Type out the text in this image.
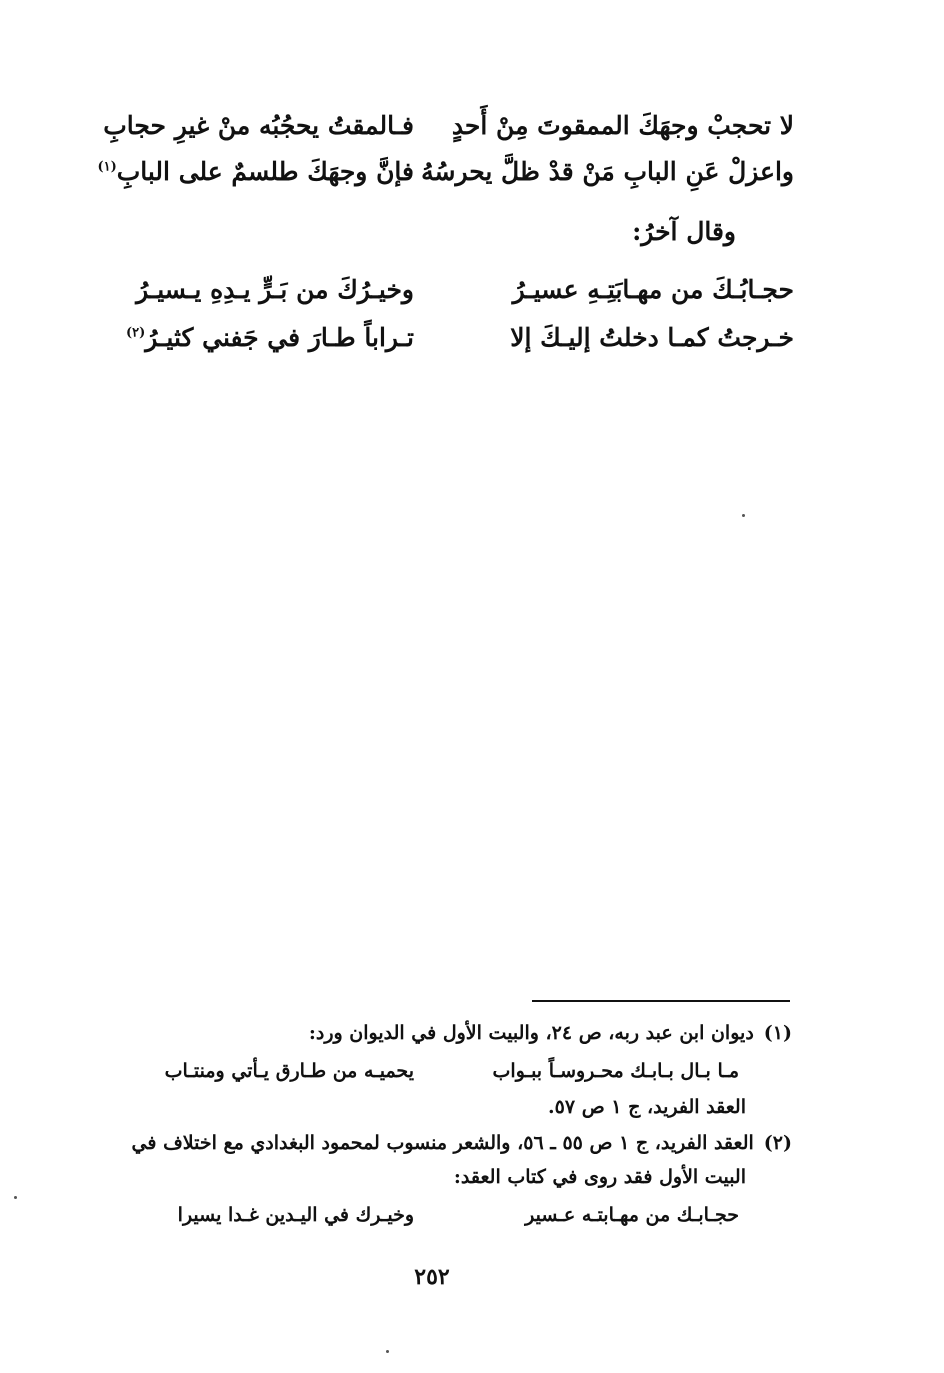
لا تحجبْ وجهَكَ الممقوتَ مِنْ أَحدٍ
فـالمقتُ يحجُبُه منْ غيرِ حجابِ
واعزلْ عَنِ البابِ مَنْ قدْ ظلَّ يحرسُهُ
فإنَّ وجهَكَ طلسمٌ على البابِ$^{(١)}$
وقال آخرُ:
حجـابُـكَ من مهـابَتِـهِ عسيـرُ
وخيـرُكَ من بَـرٍّ يـدِهِ يـسيـرُ
خـرجتُ كمـا دخلتُ إليـكَ إلا
تـراباً طـارَ في جَفني كثيـرُ$^{(٢)}$
(١)ديوان ابن عبد ربه، ص ٢٤، والبيت الأول في الديوان ورد:
مـا بـال بـابـك محـروسـاً ببـواب
يحميـه من طـارق يـأتي ومنتـاب
العقد الفريد، ج ١ ص ٥٧.
(٢)العقد الفريد، ج ١ ص ٥٥ ـ ٥٦، والشعر منسوب لمحمود البغدادي مع اختلاف في
البيت الأول فقد روى في كتاب العقد:
حجـابـك من مهـابتـه عـسير
وخيـرك في اليـدين غـدا يسيرا
٢٥٢
